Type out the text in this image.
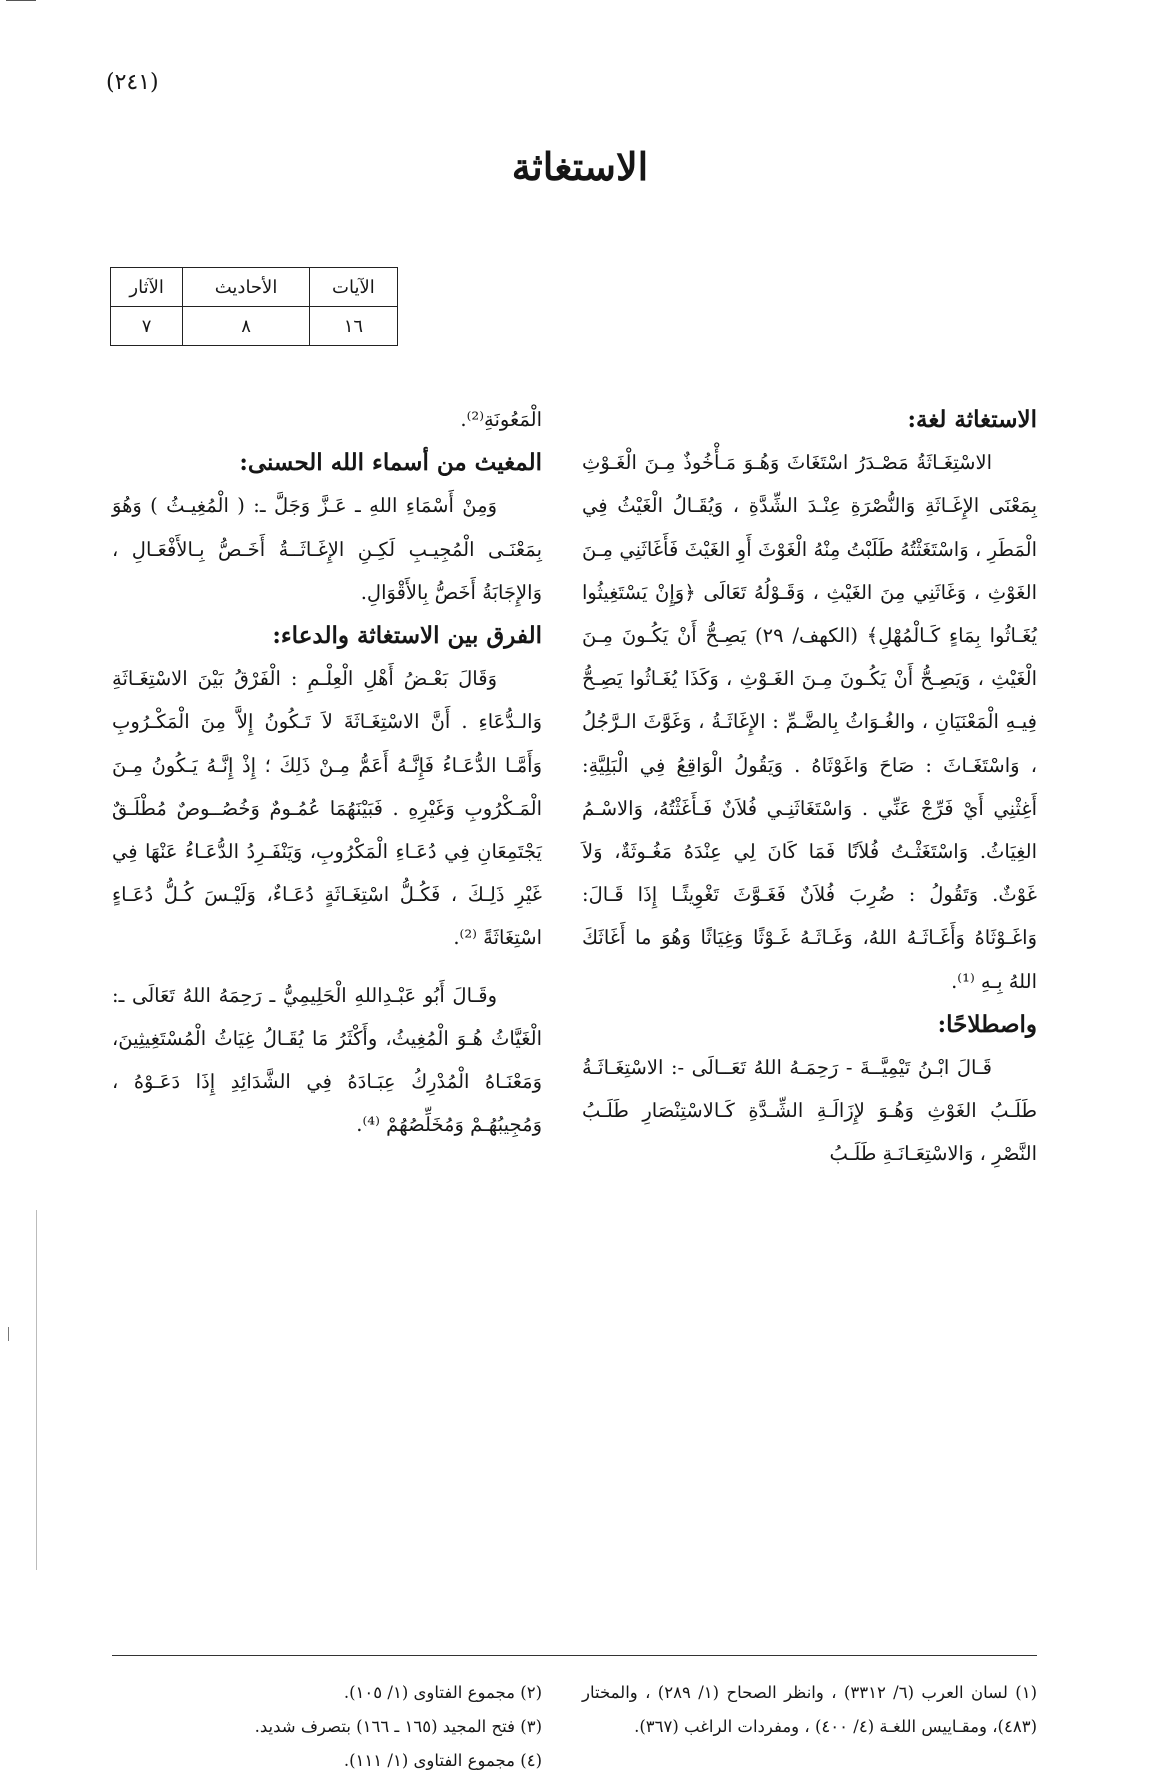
(٢٤١)
الاستغاثة
الآيات	الأحاديث	الآثار
١٦	٨	٧
الاستغاثة لغة:

الاسْتِغَـاثَةُ مَصْـدَرُ اسْتَغَاثَ وَهُـوَ مَـأْخُوذٌ مِـنَ الْغَـوْثِ بِمَعْنَى الإِغَـاثَةِ وَالنُّصْرَةِ عِنْـدَ الشِّدَّةِ ، وَيُقَـالُ الْغَيْثُ فِي الْمَطَرِ ، وَاسْتَغَثْتُهُ طَلَبْتُ مِنْهُ الْغَوْثَ أَوِ الغَيْثَ فَأَغَاثَنِي مِـنَ الغَوْثِ ، وَغَاثَنِي مِنَ الغَيْثِ ، وَقَـوْلُهُ تَعَالَى ﴿وَإِنْ يَسْتَغِيثُوا يُغَـاثُوا بِمَاءٍ كَـالْمُهْلِ﴾ (الكهف/ ٢٩) يَصِـحُّ أَنْ يَكُـونَ مِـنَ الْغَيْثِ ، وَيَصِـحُّ أَنْ يَكُـونَ مِـنَ الغَـوْثِ ، وَكَذَا يُغَـاثُوا يَصِـحُّ فِيـهِ الْمَعْنَيَانِ ، والغُـوَاثُ بِالضَّـمِّ : الإِغَاثَـةُ ، وَغَوَّثَ الـرَّجُلُ ، وَاسْتَغَـاثَ : صَاحَ وَاغَوْثَاهُ . وَيَقُولُ الْوَاقِعُ فِي الْبَلِيَّةِ: أَغِثْنِي أَيْ فَرِّجْ عَنِّي . وَاسْتَغَاثَنِـي فُلاَنٌ فَـأَغَثْتُهُ، وَالاسْـمُ الغِيَاثُ. وَاسْتَغَثْـتُ فُلاَنًا فَمَا كَانَ لِي عِنْدَهُ مَغُـوثَةٌ، وَلاَ غَوْثٌ. وَتَقُولُ : ضُرِبَ فُلاَنٌ فَغَـوَّثَ تَغْوِيثًـا إِذَا قَـالَ: وَاغَـوْثَاهُ وَأَغَـاثَـهُ اللهُ، وَغَـاثَـهُ غَـوْثًا وَغِيَاثًا وَهُوَ ما أَغَاثَكَ اللهُ بِـهِ ⁽¹⁾.

واصطلاحًا:

قَـالَ ابْـنُ تَيْمِيَّــةَ - رَحِمَـهُ اللهُ تَعَــالَى -: الاسْتِغَـاثَـةُ طَلَـبُ الغَوْثِ وَهُـوَ لإِزَالَـةِ الشِّـدَّةِ كَـالاسْتِنْصَارِ طَلَـبُ النَّصْرِ ، وَالاسْتِعَـانَـةِ طَلَـبُ

الْمَعُونَةِ⁽²⁾.

المغيث من أسماء الله الحسنى:

وَمِنْ أَسْمَاءِ اللهِ ـ عَـزَّ وَجَلَّ ـ: ( الْمُغِيـثُ ) وَهُوَ بِمَعْنَـى الْمُجِيـبِ لَكِـنِ الإِغَـاثَــةُ أَخَـصُّ بِـالأَفْعَـالِ ، وَالإِجَابَةُ أَخَصُّ بِالأَقْوَالِ.

الفرق بين الاستغاثة والدعاء:

وَقَالَ بَعْـضُ أَهْلِ الْعِلْـمِ : الْفَرْقُ بَيْنَ الاسْتِغَـاثَةِ وَالـدُّعَاءِ . أَنَّ الاسْتِغَـاثَةَ لاَ تَـكُونُ إِلاَّ مِنَ الْمَكْـرُوبِ وَأَمَّـا الدُّعَـاءُ فَإِنَّـهُ أَعَمُّ مِـنْ ذَلِكَ ؛ إِذْ إِنَّـهُ يَـكُونُ مِـنَ الْمَـكْرُوبِ وَغَيْرِهِ . فَبَيْنَهُمَا عُمُـومٌ وَخُصُــوصٌ مُطْلَـقٌ يَجْتَمِعَانِ فِي دُعَـاءِ الْمَكْرُوبِ، وَيَنْفَـرِدُ الدُّعَـاءُ عَنْهَا فِي غَيْرِ ذَلِـكَ ، فَكُـلُّ اسْتِغَـاثَةٍ دُعَـاءٌ، وَلَيْـسَ كُـلُّ دُعَـاءٍ اسْتِغَاثَةً ⁽²⁾.

وقَـالَ أَبُو عَبْـدِاللهِ الْحَلِيمِيُّ ـ رَحِمَهُ اللهُ تَعَالَى ـ: الْغَيَّاثُ هُـوَ الْمُغِيثُ، وأَكْثَرُ مَا يُقَـالُ غِيَاثُ الْمُسْتَغِيثِينَ، وَمَعْنَـاهُ الْمُدْرِكُ عِبَـادَهُ فِي الشَّدَائِدِ إِذَا دَعَـوْهُ ، وَمُجِيبُهُـمْ وَمُخَلِّصُهُمْ ⁽⁴⁾.

(١) لسان العرب (٦/ ٣٣١٢) ، وانظر الصحاح (١/ ٢٨٩) ، والمختار (٤٨٣)، ومقـاييس اللغـة (٤/ ٤٠٠) ، ومفردات الراغب (٣٦٧).
(٢) مجموع الفتاوى (١/ ١٠٥).
(٣) فتح المجيد (١٦٥ ـ ١٦٦) بتصرف شديد.
(٤) مجموع الفتاوى (١/ ١١١).
